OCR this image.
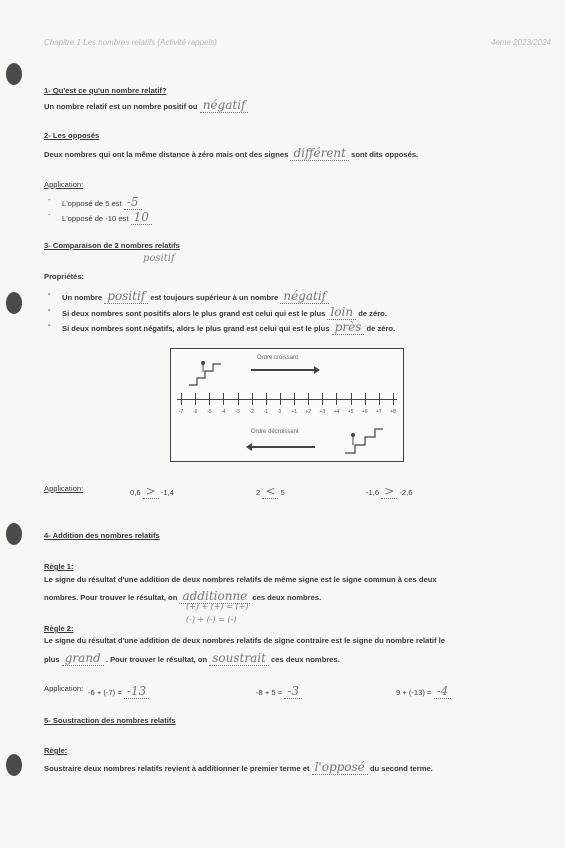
Chapitre 1 Les nombres relatifs (Activité rappels)	4eme 2023/2024
1- Qu'est ce qu'un nombre relatif?
Un nombre relatif est un nombre positif ou négatif
2- Les opposés
Deux nombres qui ont la même distance à zéro mais ont des signes différent sont dits opposés.
Application:
- L'opposé de 5 est -5
- L'opposé de -10 est 10
3- Comparaison de 2 nombres relatifs
Propriétés:
positif
- Un nombre positif est toujours supérieur à un nombre négatif
- Si deux nombres sont positifs alors le plus grand est celui qui est le plus loin de zéro.
- Si deux nombres sont négatifs, alors le plus grand est celui qui est le plus près de zéro.
Ordre croissant
-7 -6 -5 -4 -3 -2 -1 0 +1 +2 +3 +4 +5 +6 +7 +8
Ordre décroissant
Application:	0,6 > -1,4	2 < 5	-1,6 > -2,6
4- Addition des nombres relatifs
Règle 1:
Le signe du résultat d'une addition de deux nombres relatifs de même signe est le signe commun à ces deux
nombres. Pour trouver le résultat, on additionne ces deux nombres.
(+) + (+) = (+)
(-) + (-) = (-)
Règle 2:
Le signe du résultat d'une addition de deux nombres relatifs de signe contraire est le signe du nombre relatif le
plus grand . Pour trouver le résultat, on soustrait ces deux nombres.
Application: -6 + (-7) = -13	-8 + 5 = -3	9 + (-13) = -4
5- Soustraction des nombres relatifs
Règle:
Soustraire deux nombres relatifs revient à additionner le premier terme et l'opposé du second terme.
